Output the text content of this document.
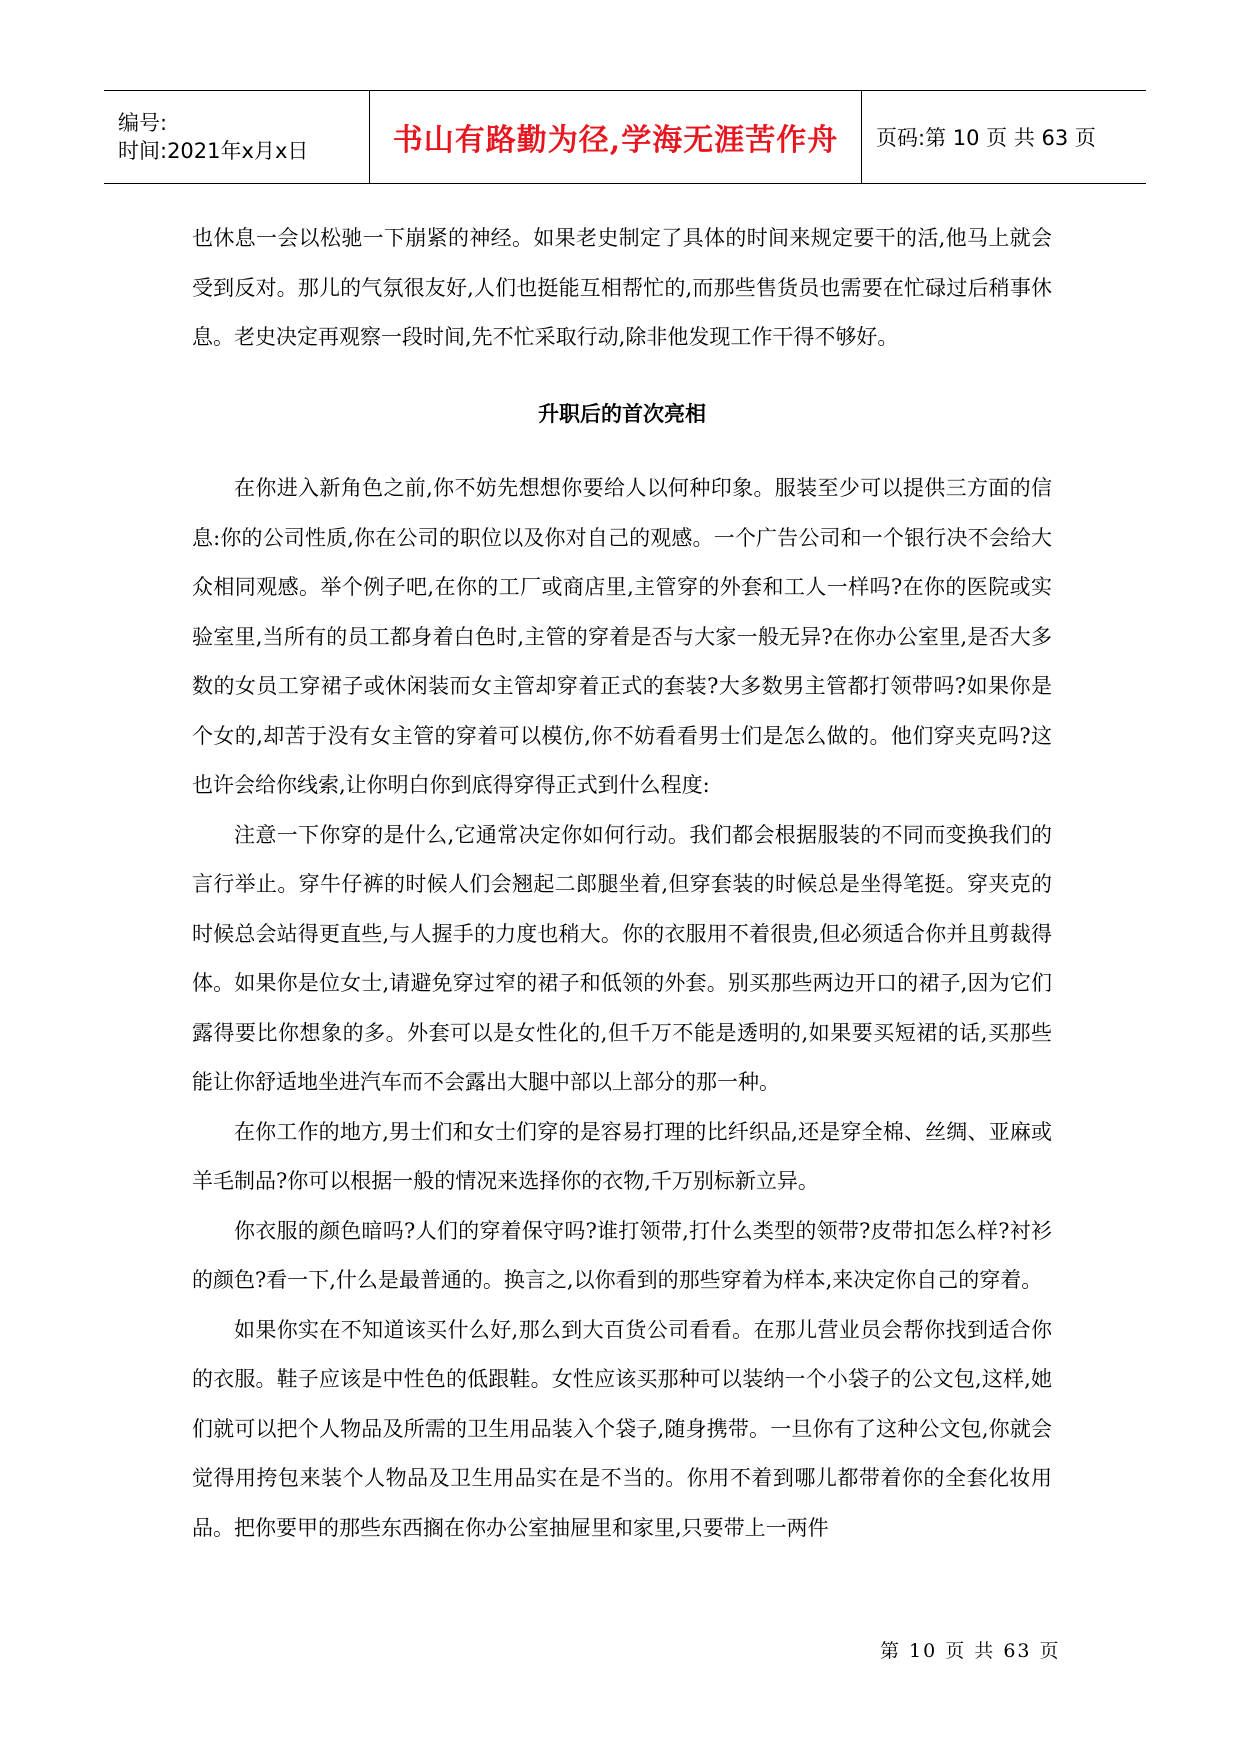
编号:
时间:2021年x月x日	书山有路勤为径,学海无涯苦作舟 页码:第 10 页 共 63 页

也休息一会以松驰一下崩紧的神经。如果老史制定了具体的时间来规定要干的活,他马上就会受到反对。那儿的气氛很友好,人们也挺能互相帮忙的,而那些售货员也需要在忙碌过后稍事休息。老史决定再观察一段时间,先不忙采取行动,除非他发现工作干得不够好。

升职后的首次亮相

在你进入新角色之前,你不妨先想想你要给人以何种印象。服装至少可以提供三方面的信息:你的公司性质,你在公司的职位以及你对自己的观感。一个广告公司和一个银行决不会给大众相同观感。举个例子吧,在你的工厂或商店里,主管穿的外套和工人一样吗?在你的医院或实验室里,当所有的员工都身着白色时,主管的穿着是否与大家一般无异?在你办公室里,是否大多数的女员工穿裙子或休闲装而女主管却穿着正式的套装?大多数男主管都打领带吗?如果你是个女的,却苦于没有女主管的穿着可以模仿,你不妨看看男士们是怎么做的。他们穿夹克吗?这也许会给你线索,让你明白你到底得穿得正式到什么程度:

注意一下你穿的是什么,它通常决定你如何行动。我们都会根据服装的不同而变换我们的言行举止。穿牛仔裤的时候人们会翘起二郎腿坐着,但穿套装的时候总是坐得笔挺。穿夹克的时候总会站得更直些,与人握手的力度也稍大。你的衣服用不着很贵,但必须适合你并且剪裁得体。如果你是位女士,请避免穿过窄的裙子和低领的外套。别买那些两边开口的裙子,因为它们露得要比你想象的多。外套可以是女性化的,但千万不能是透明的,如果要买短裙的话,买那些能让你舒适地坐进汽车而不会露出大腿中部以上部分的那一种。

在你工作的地方,男士们和女士们穿的是容易打理的比纤织品,还是穿全棉、丝绸、亚麻或羊毛制品?你可以根据一般的情况来选择你的衣物,千万别标新立异。

你衣服的颜色暗吗?人们的穿着保守吗?谁打领带,打什么类型的领带?皮带扣怎么样?衬衫的颜色?看一下,什么是最普通的。换言之,以你看到的那些穿着为样本,来决定你自己的穿着。

如果你实在不知道该买什么好,那么到大百货公司看看。在那儿营业员会帮你找到适合你的衣服。鞋子应该是中性色的低跟鞋。女性应该买那种可以装纳一个小袋子的公文包,这样,她们就可以把个人物品及所需的卫生用品装入个袋子,随身携带。一旦你有了这种公文包,你就会觉得用挎包来装个人物品及卫生用品实在是不当的。你用不着到哪儿都带着你的全套化妆用品。把你要甲的那些东西搁在你办公室抽屉里和家里,只要带上一两件

第 10 页 共 63 页
